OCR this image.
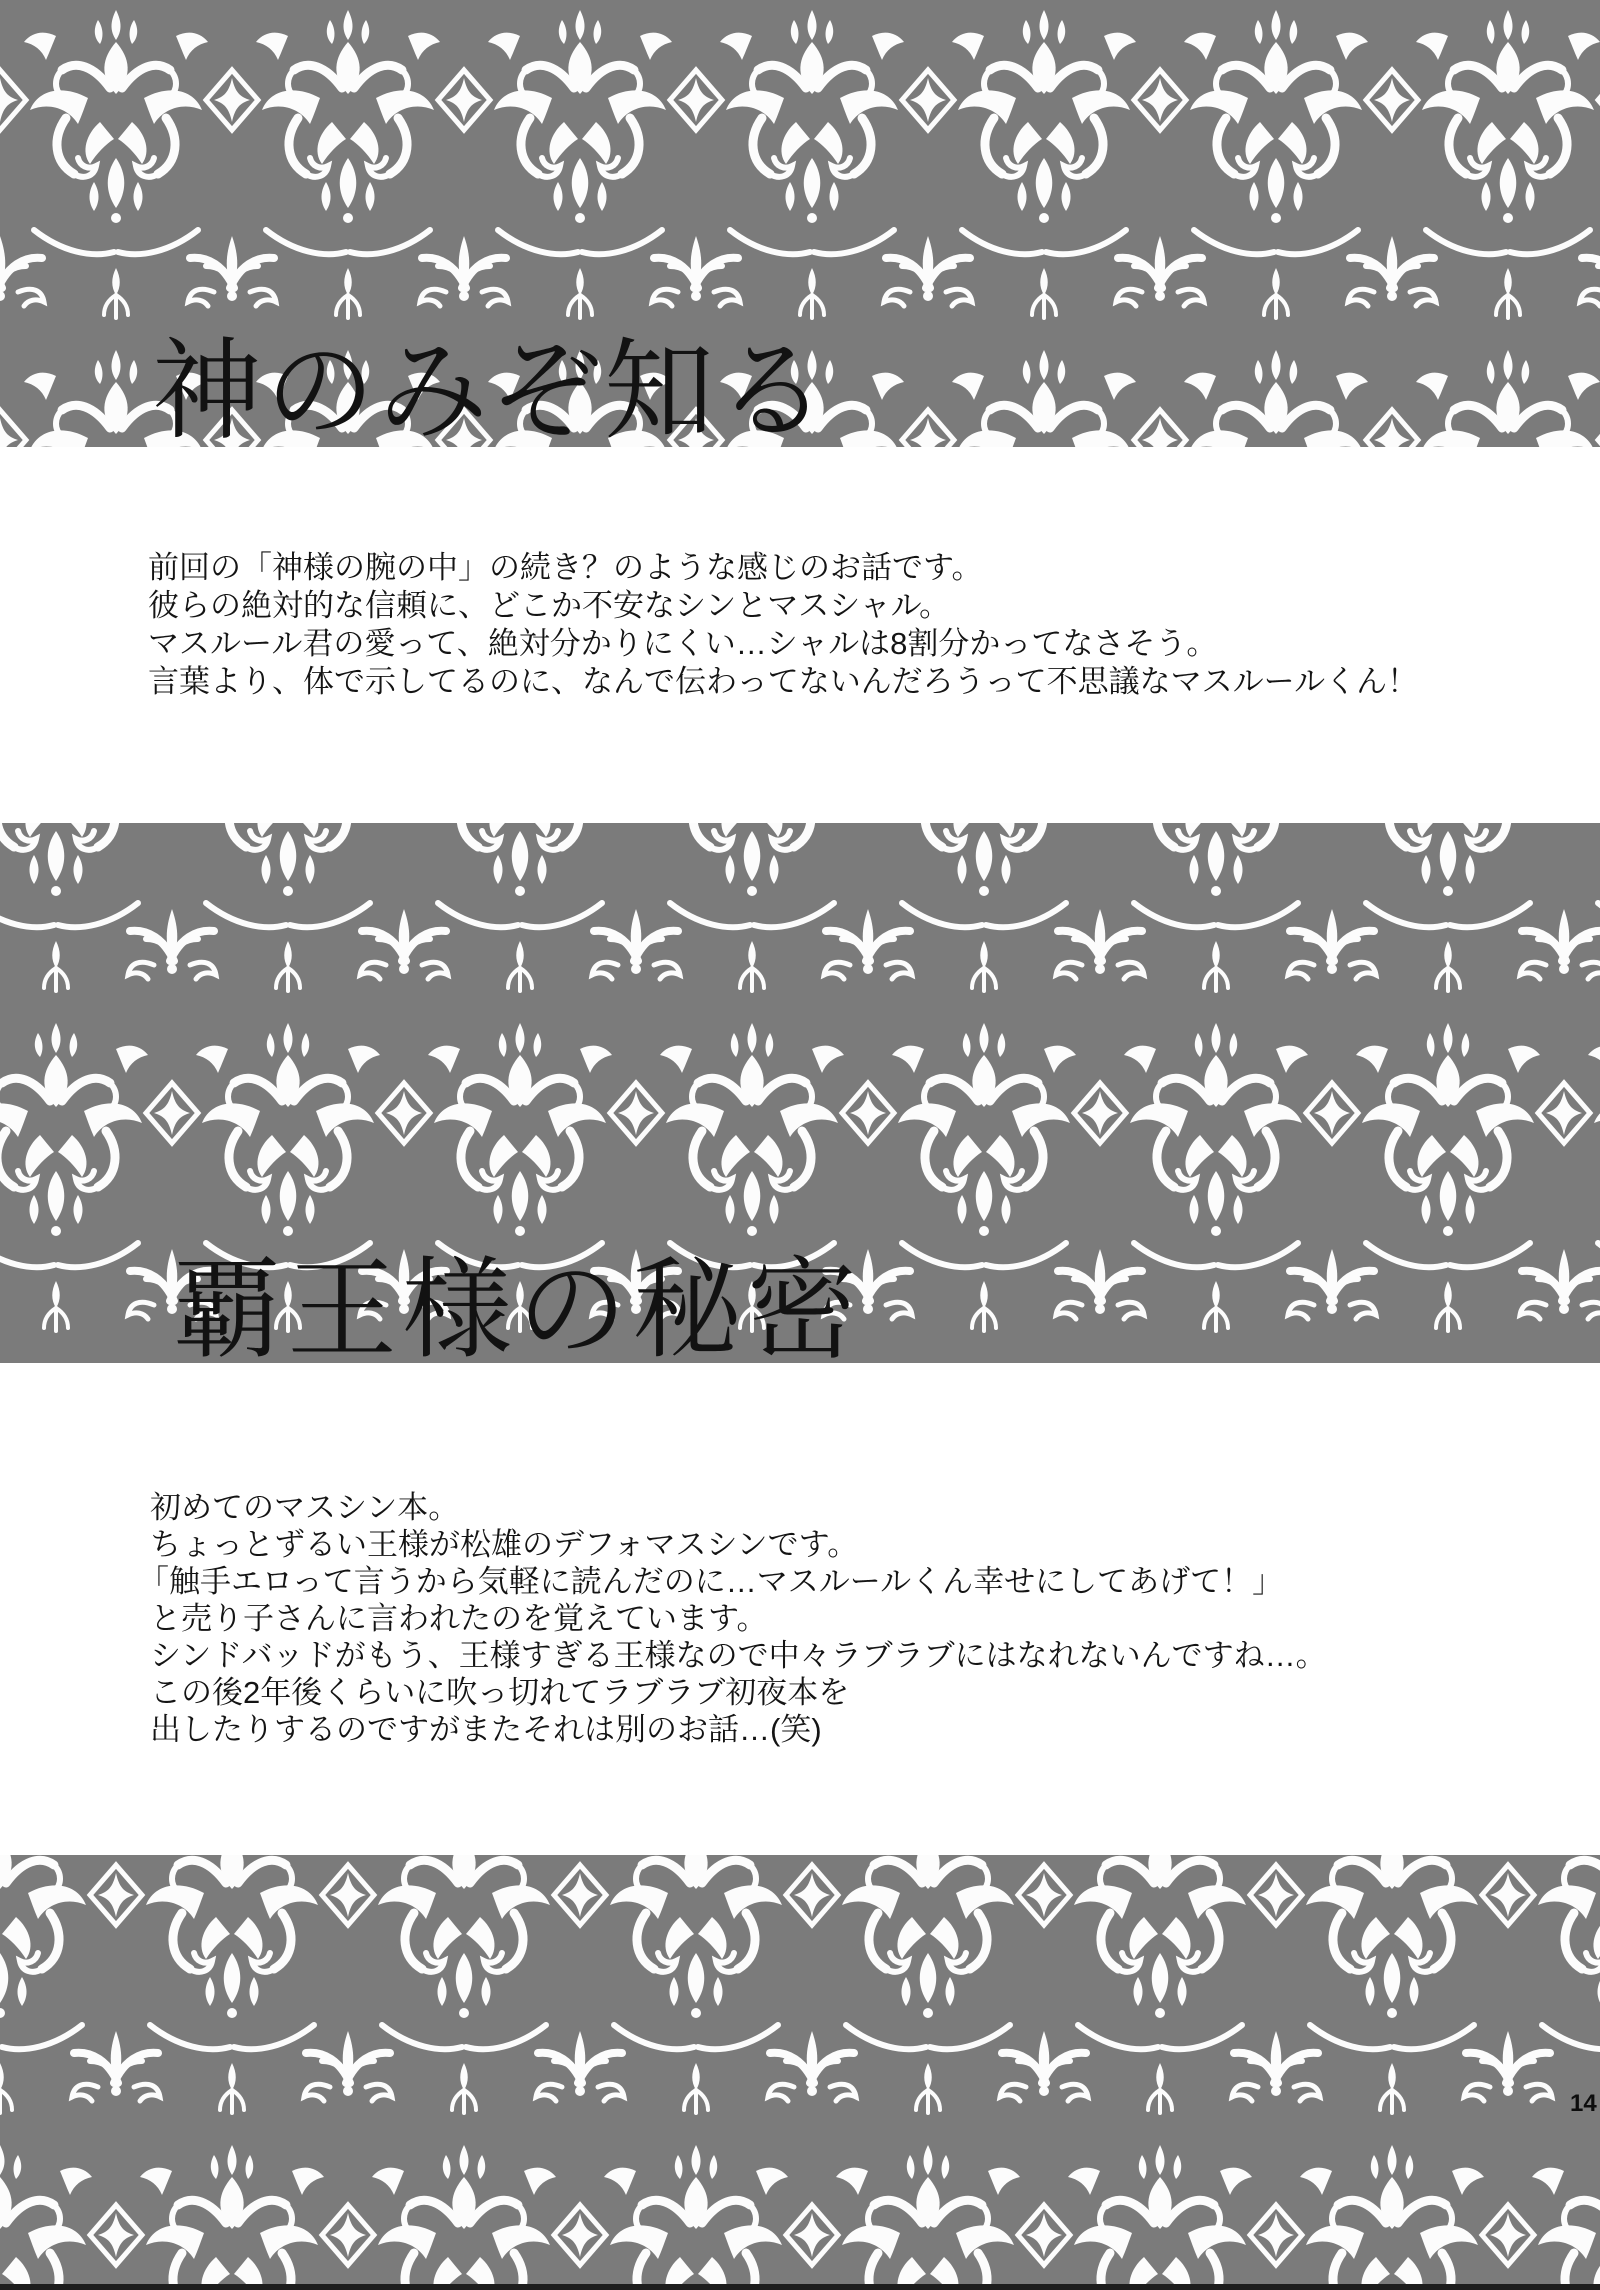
神のみぞ知る
前回の「神様の腕の中」の続き？のような感じのお話です。
彼らの絶対的な信頼に、どこか不安なシンとマスシャル。
マスルール君の愛って、絶対分かりにくい…シャルは8割分かってなさそう。
言葉より、体で示してるのに、なんで伝わってないんだろうって不思議なマスルールくん！
覇王様の秘密
初めてのマスシン本。
ちょっとずるい王様が松雄のデフォマスシンです。
「触手エロって言うから気軽に読んだのに…マスルールくん幸せにしてあげて！」
と売り子さんに言われたのを覚えています。
シンドバッドがもう、王様すぎる王様なので中々ラブラブにはなれないんですね…。
この後2年後くらいに吹っ切れてラブラブ初夜本を
出したりするのですがまたそれは別のお話…(笑)
14
